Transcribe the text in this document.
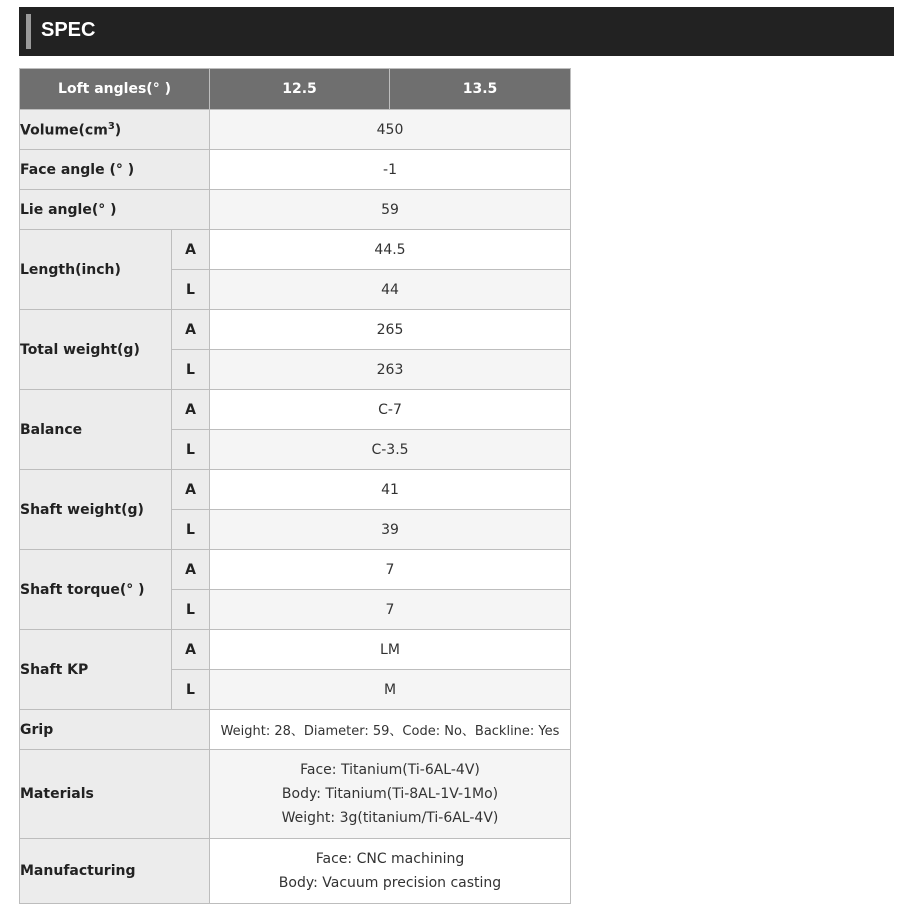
SPEC
Loft angles(° )		12.5	13.5
$Volume(cm^3)$		450	
Face angle (° )		-1	
Lie angle(° )		59	
Length(inch)	A	44.5	
	L	44	
Total weight(g)	A	265	
	L	263	
Balance	A	C-7	
	L	C-3.5	
Shaft weight(g)	A	41	
	L	39	
Shaft torque(° )	A	7	
	L	7	
Shaft KP	A	LM	
	L	M	
Grip		Weight: 28、Diameter: 59、Code: No、Backline: Yes	
Materials		Face: Titanium(Ti-6AL-4V)
Body: Titanium(Ti-8AL-1V-1Mo)
Weight: 3g(titanium/Ti-6AL-4V)	

Manufacturing		Face: CNC machining
Body: Vacuum precision casting	
